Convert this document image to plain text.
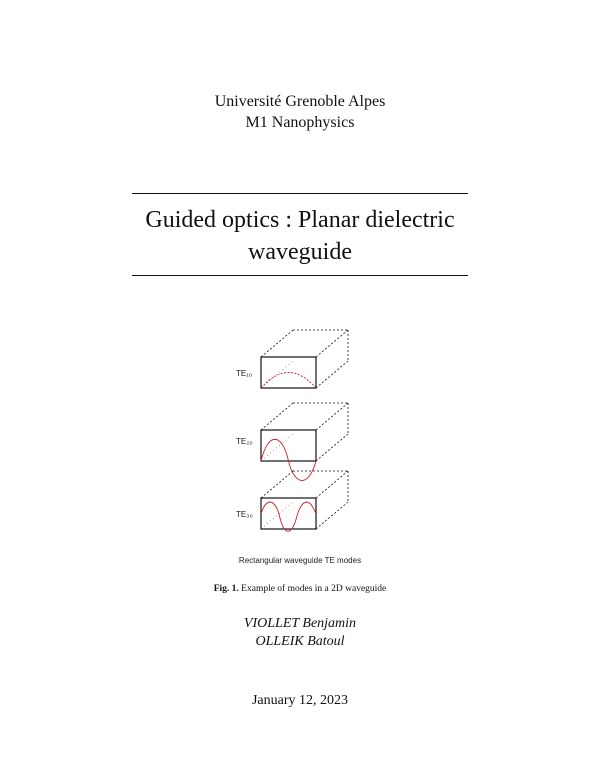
Université Grenoble Alpes
M1 Nanophysics
Guided optics : Planar dielectric
waveguide
TE₁₀
TE₂₀
TE₃₀
Rectangular waveguide TE modes
Fig. 1. Example of modes in a 2D waveguide
VIOLLET Benjamin
OLLEIK Batoul
January 12, 2023
